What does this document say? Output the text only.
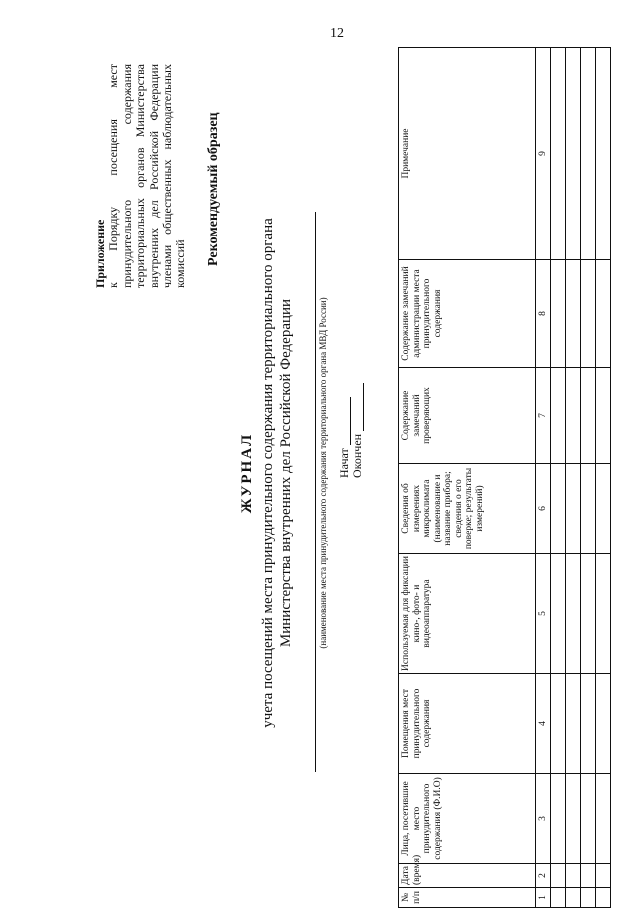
12
Приложение
к Порядку посещения мест принудительного содержания территориальных органов Министерства внутренних дел Российской Федерации членами общественных наблюдательных комиссий Рекомендуемый образец
ЖУРНАЛ учета посещений места принудительного содержания территориального органа Министерства внутренних дел Российской Федерации	(наименование места принудительного содержания территориального органа МВД России) Начат Окончен
№ п/п	Дата (время)	Лица, посетившие место принудительного содержания (Ф.И.О)	Помещения мест принудительного содержания	Используемая для фиксации кино-, фото- и видеоаппаратура	Сведения об измерениях микроклимата (наименование и название прибора; сведения о его поверке; результаты измерений)	Содержание замечаний проверяющих	Содержание замечаний администрации места принудительного содержания	Примечание
1	2	3	4	5	6	7	8	9
